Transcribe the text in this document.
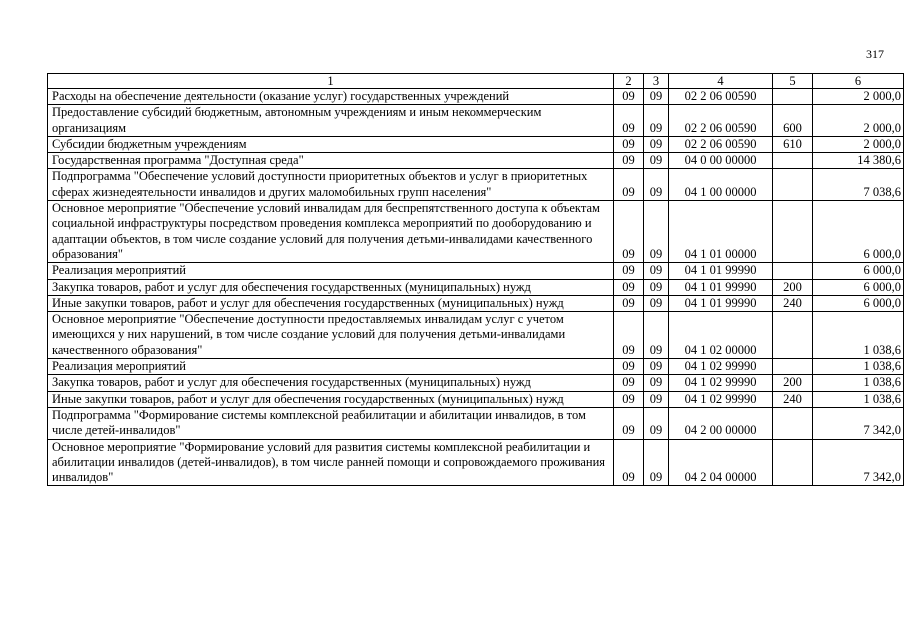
317
1	2	3	4	5	6
Расходы на обеспечение деятельности (оказание услуг) государственных учреждений	09	09	02 2 06 00590		2 000,0
Предоставление субсидий бюджетным, автономным учреждениям и иным некоммерческим организациям	09	09	02 2 06 00590	600	2 000,0
Субсидии бюджетным учреждениям	09	09	02 2 06 00590	610	2 000,0
Государственная программа "Доступная среда"	09	09	04 0 00 00000		14 380,6
Подпрограмма "Обеспечение условий доступности приоритетных объектов и услуг в приоритетных сферах жизнедеятельности инвалидов и других маломобильных групп населения"	09	09	04 1 00 00000		7 038,6
Основное мероприятие "Обеспечение условий инвалидам для беспрепятственного доступа к объектам социальной инфраструктуры посредством проведения комплекса мероприятий по дооборудованию и адаптации объектов, в том числе создание условий для получения детьми-инвалидами качественного образования"	09	09	04 1 01 00000		6 000,0
Реализация мероприятий	09	09	04 1 01 99990		6 000,0
Закупка товаров, работ и услуг для обеспечения государственных (муниципальных) нужд	09	09	04 1 01 99990	200	6 000,0
Иные закупки товаров, работ и услуг для обеспечения государственных (муниципальных) нужд	09	09	04 1 01 99990	240	6 000,0
Основное мероприятие "Обеспечение доступности предоставляемых инвалидам услуг с учетом имеющихся у них нарушений, в том числе создание условий для получения детьми-инвалидами качественного образования"	09	09	04 1 02 00000		1 038,6
Реализация мероприятий	09	09	04 1 02 99990		1 038,6
Закупка товаров, работ и услуг для обеспечения государственных (муниципальных) нужд	09	09	04 1 02 99990	200	1 038,6
Иные закупки товаров, работ и услуг для обеспечения государственных (муниципальных) нужд	09	09	04 1 02 99990	240	1 038,6
Подпрограмма "Формирование системы комплексной реабилитации и абилитации инвалидов, в том числе детей-инвалидов"	09	09	04 2 00 00000		7 342,0
Основное мероприятие "Формирование условий для развития системы комплексной реабилитации и абилитации инвалидов (детей-инвалидов), в том числе ранней помощи и сопровождаемого проживания инвалидов"	09	09	04 2 04 00000		7 342,0
